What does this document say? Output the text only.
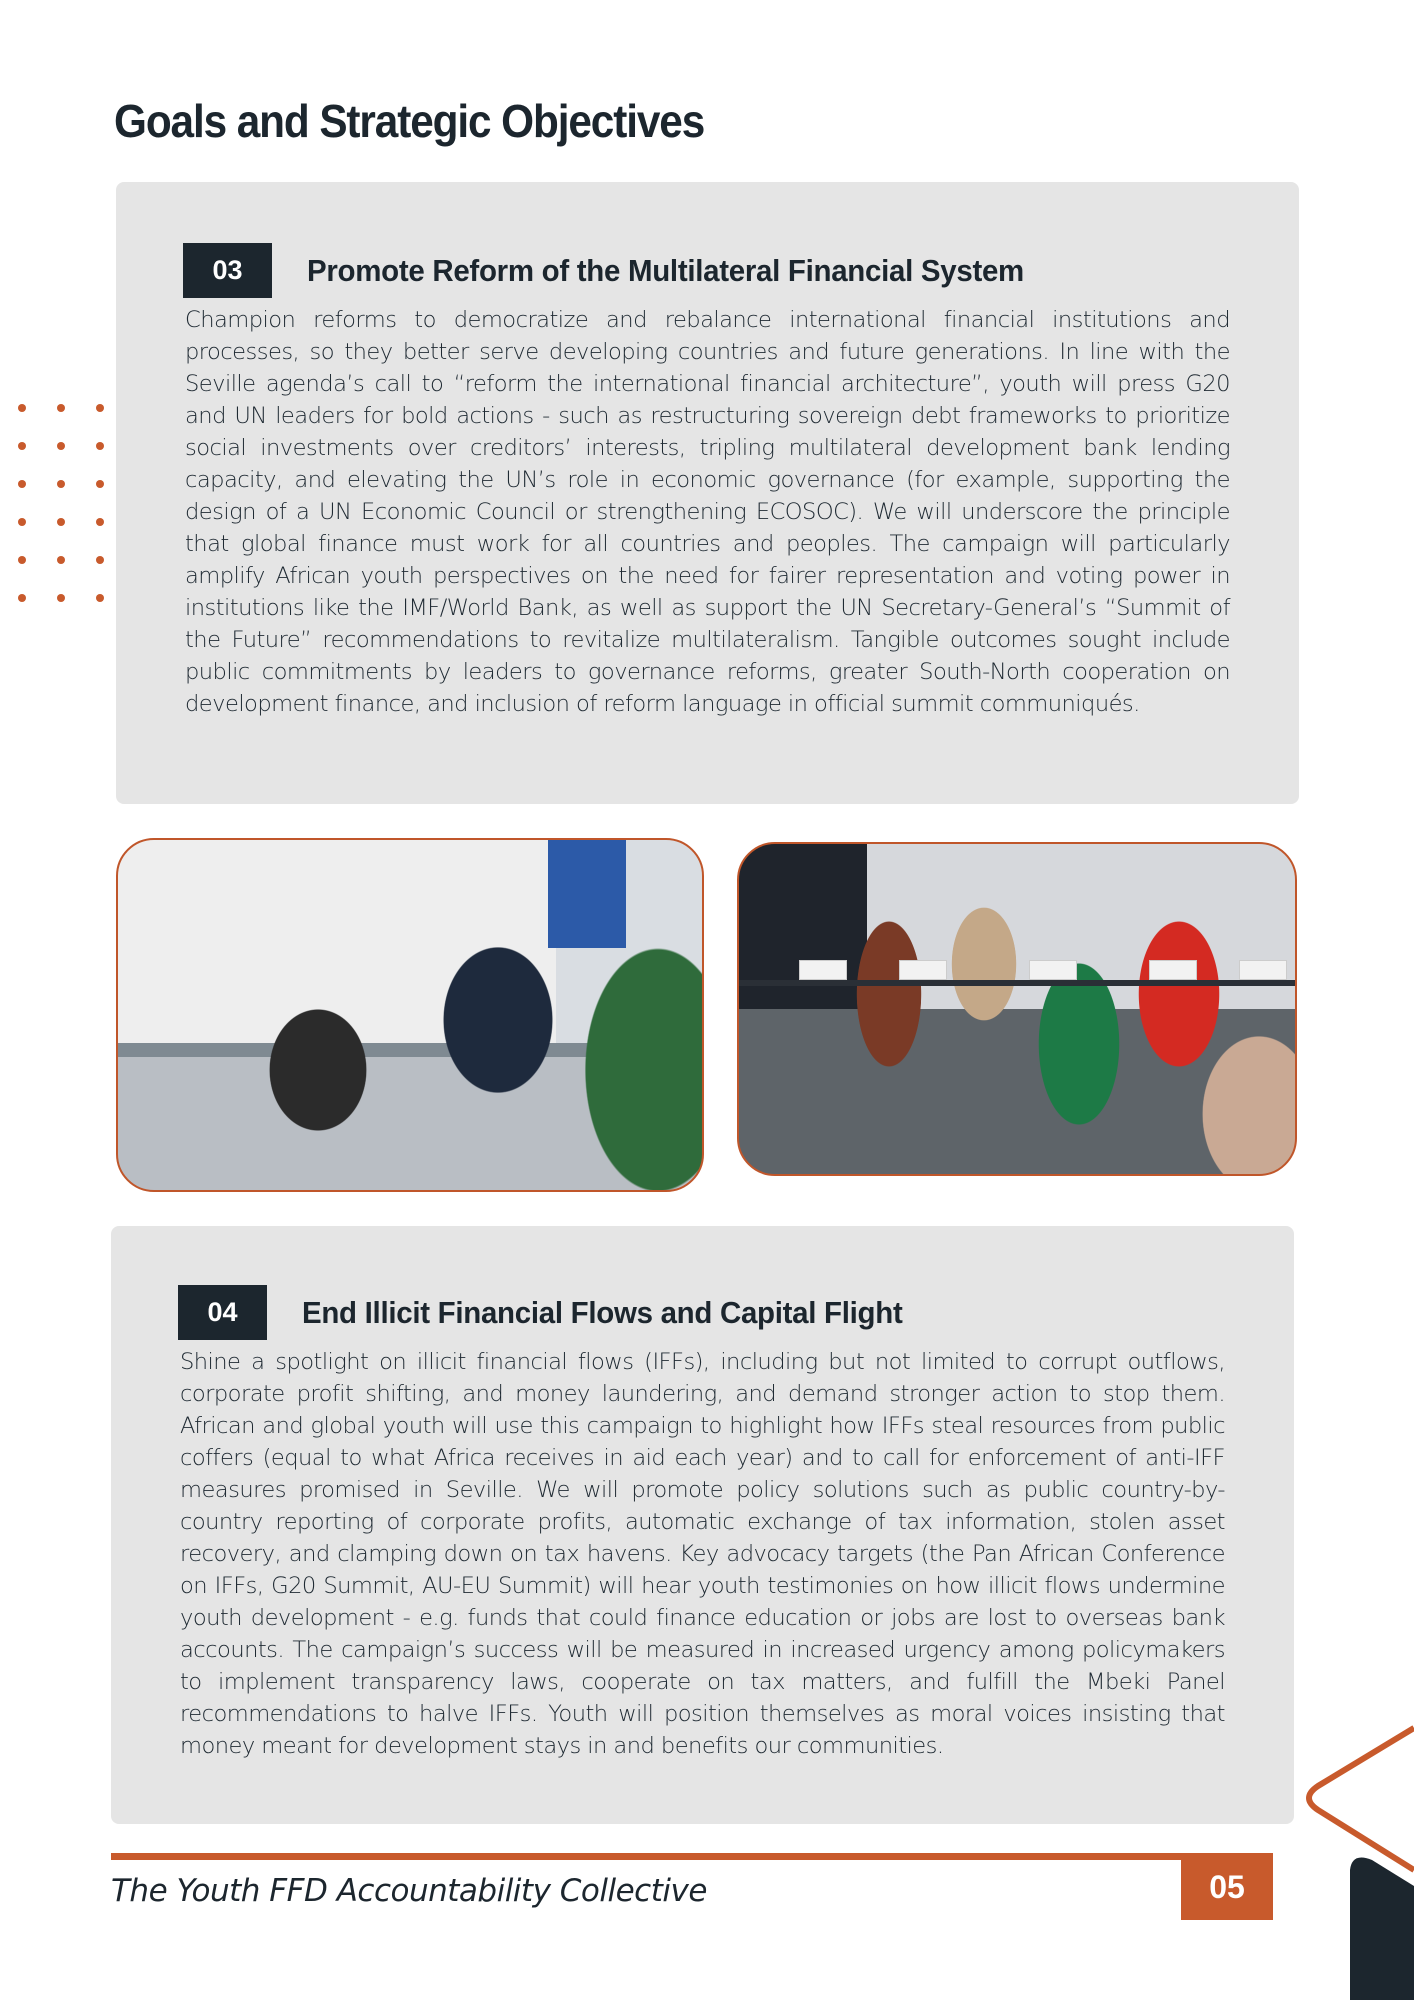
Goals and Strategic Objectives
03	Promote Reform of the Multilateral Financial System

Champion reforms to democratize and rebalance international financial institutions and processes, so they better serve developing countries and future generations. In line with the Seville agenda’s call to “reform the international financial architecture”, youth will press G20 and UN leaders for bold actions - such as restructuring sovereign debt frameworks to prioritize social investments over creditors’ interests, tripling multilateral development bank lending capacity, and elevating the UN’s role in economic governance (for example, supporting the design of a UN Economic Council or strengthening ECOSOC). We will underscore the principle that global finance must work for all countries and peoples. The campaign will particularly amplify African youth perspectives on the need for fairer representation and voting power in institutions like the IMF/World Bank, as well as support the UN Secretary-General’s “Summit of the Future” recommendations to revitalize multilateralism. Tangible outcomes sought include public commitments by leaders to governance reforms, greater South-North cooperation on development finance, and inclusion of reform language in official summit communiqués.

04	End Illicit Financial Flows and Capital Flight

Shine a spotlight on illicit financial flows (IFFs), including but not limited to corrupt outflows, corporate profit shifting, and money laundering, and demand stronger action to stop them. African and global youth will use this campaign to highlight how IFFs steal resources from public coffers (equal to what Africa receives in aid each year) and to call for enforcement of anti-IFF measures promised in Seville. We will promote policy solutions such as public country-by-country reporting of corporate profits, automatic exchange of tax information, stolen asset recovery, and clamping down on tax havens. Key advocacy targets (the Pan African Conference on IFFs, G20 Summit, AU-EU Summit) will hear youth testimonies on how illicit flows undermine youth development - e.g. funds that could finance education or jobs are lost to overseas bank accounts. The campaign’s success will be measured in increased urgency among policymakers to implement transparency laws, cooperate on tax matters, and fulfill the Mbeki Panel recommendations to halve IFFs. Youth will position themselves as moral voices insisting that money meant for development stays in and benefits our communities.

The Youth FFD Accountability Collective	05
